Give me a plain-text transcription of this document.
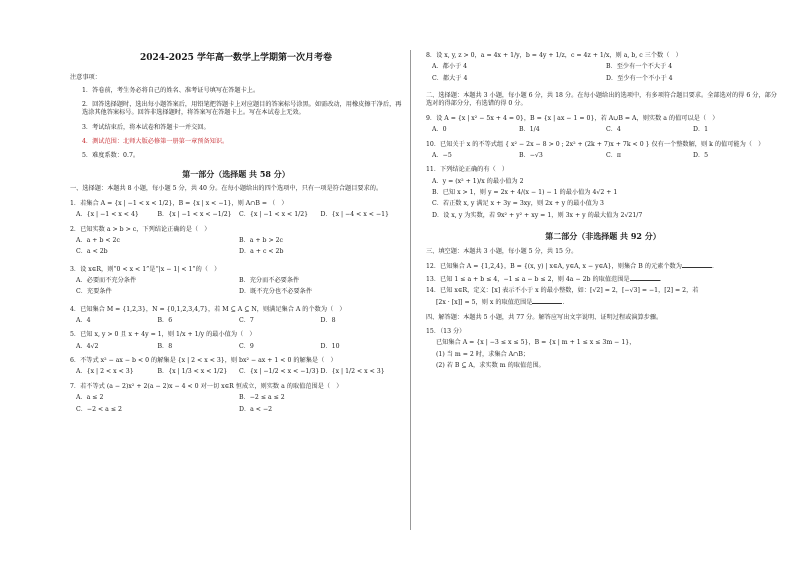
2024-2025 学年高一数学上学期第一次月考卷
注意事项：
1．答卷前，考生务必将自己的姓名、准考证号填写在答题卡上。
2．回答选择题时，选出每小题答案后，用铅笔把答题卡上对应题目的答案标号涂黑。如需改动，用橡皮擦干净后，再选涂其他答案标号。回答非选择题时，将答案写在答题卡上。写在本试卷上无效。
3．考试结束后，将本试卷和答题卡一并交回。
4．测试范围：北师大版必修第一册第一章预备知识。
5．难度系数：0.7。
第一部分（选择题 共 58 分）
一、选择题：本题共 8 小题，每小题 5 分，共 40 分。在每小题给出的四个选项中，只有一项是符合题目要求的。
1．若集合 A = {x | −1 < x < 1/2}，B = {x | x < −1}，则 A∩B = （　）
A．{x | −1 < x < 4}	B．{x | −1 < x < −1/2}	C．{x | −1 < x < 1/2}	D．{x | −4 < x < −1}
2．已知实数 a > b > c，下列结论正确的是（　）
A．a + b < 2c	B．a + b > 2c
C．a < 2b	D．a + c < 2b
3．设 x∈R，则“0 < x < 1”是“|x − 1| < 1”的（　）
A．必要而不充分条件	B．充分而不必要条件
C．充要条件	D．既不充分也不必要条件
4．已知集合 M = {1,2,3}，N = {0,1,2,3,4,7}，若 M ⊆ A ⊆ N，则满足集合 A 的个数为（　）
A．4	B．6	C．7	D．8
5．已知 x, y > 0 且 x + 4y = 1，则 1/x + 1/y 的最小值为（　）
A．4√2	B．8	C．9	D．10
6．不等式 x² − ax − b < 0 的解集是 {x | 2 < x < 3}，则 bx² − ax + 1 < 0 的解集是（　）
A．{x | 2 < x < 3}	B．{x | 1/3 < x < 1/2}	C．{x | −1/2 < x < −1/3} D．{x | 1/2 < x < 3}
7．若不等式 (a − 2)x² + 2(a − 2)x − 4 < 0 对一切 x∈R 恒成立，则实数 a 的取值范围是（　）
A．a ≤ 2	B．−2 ≤ a ≤ 2
C．−2 < a ≤ 2	D．a < −2
8．设 x, y, z > 0，a = 4x + 1/y，b = 4y + 1/z，c = 4z + 1/x，则 a, b, c 三个数（　）
A．都小于 4	B．至少有一个不大于 4
C．都大于 4	D．至少有一个不小于 4
二、选择题：本题共 3 小题，每小题 6 分，共 18 分。在每小题给出的选项中，有多项符合题目要求。全部选对的得 6 分，部分选对的得部分分，有选错的得 0 分。
9．设 A = {x | x² − 5x + 4 = 0}，B = {x | ax − 1 = 0}，若 A∪B = A，则实数 a 的值可以是（　）
A．0	B．1/4	C．4	D．1
10．已知关于 x 的不等式组 { x² − 2x − 8 > 0 ; 2x² + (2k + 7)x + 7k < 0 } 仅有一个整数解，则 k 的值可能为（　）
A．−5	B．−√3	C．π	D．5
11．下列结论正确的有（　）
A．y = (x² + 1)/x 的最小值为 2
B．已知 x > 1，则 y = 2x + 4/(x − 1) − 1 的最小值为 4√2 + 1
C．若正数 x, y 满足 x + 3y = 3xy，则 2x + y 的最小值为 3
D．设 x, y 为实数，若 9x² + y² + xy = 1，则 3x + y 的最大值为 2√21/7
第二部分（非选择题 共 92 分）
三、填空题：本题共 3 小题，每小题 5 分，共 15 分。
12．已知集合 A = {1,2,4}，B = {(x, y) | x∈A, y∈A, x − y∈A}，则集合 B 的元素个数为	．
13．已知 1 ≤ a + b ≤ 4，−1 ≤ a − b ≤ 2，则 4a − 2b 的取值范围是	．
14．已知 x∈R，定义：[x] 表示不小于 x 的最小整数，如：[√2] = 2，[−√3] = −1，[2] = 2，若
[2x · [x]] = 5，则 x 的取值范围是	．
四、解答题：本题共 5 小题，共 77 分。解答应写出文字说明、证明过程或演算步骤。
15．（13 分）
已知集合 A = {x | −3 ≤ x ≤ 5}，B = {x | m + 1 ≤ x ≤ 3m − 1}，
(1) 当 m = 2 时，求集合 A∩B；
(2) 若 B ⊆ A，求实数 m 的取值范围。
